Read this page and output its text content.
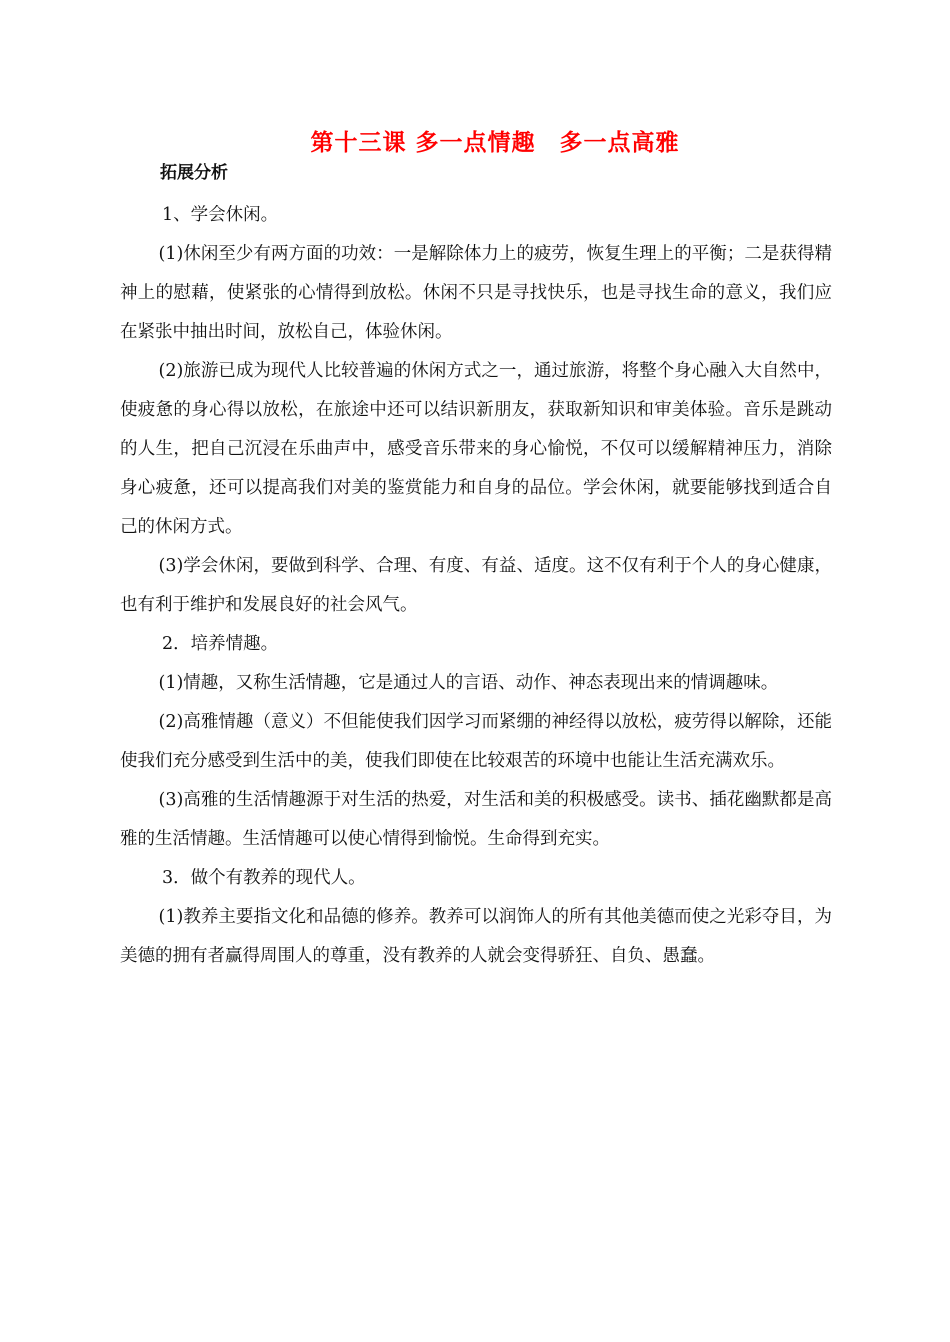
第十三课 多一点情趣　多一点高雅
拓展分析

1、学会休闲。

(1)休闲至少有两方面的功效：一是解除体力上的疲劳，恢复生理上的平衡；二是获得精神上的慰藉，使紧张的心情得到放松。休闲不只是寻找快乐，也是寻找生命的意义，我们应在紧张中抽出时间，放松自己，体验休闲。

(2)旅游已成为现代人比较普遍的休闲方式之一，通过旅游，将整个身心融入大自然中，使疲惫的身心得以放松，在旅途中还可以结识新朋友，获取新知识和审美体验。音乐是跳动的人生，把自己沉浸在乐曲声中，感受音乐带来的身心愉悦，不仅可以缓解精神压力，消除身心疲惫，还可以提高我们对美的鉴赏能力和自身的品位。学会休闲，就要能够找到适合自己的休闲方式。

(3)学会休闲，要做到科学、合理、有度、有益、适度。这不仅有利于个人的身心健康，也有利于维护和发展良好的社会风气。

2．培养情趣。

(1)情趣，又称生活情趣，它是通过人的言语、动作、神态表现出来的情调趣味。

(2)高雅情趣（意义）不但能使我们因学习而紧绷的神经得以放松，疲劳得以解除，还能使我们充分感受到生活中的美，使我们即使在比较艰苦的环境中也能让生活充满欢乐。

(3)高雅的生活情趣源于对生活的热爱，对生活和美的积极感受。读书、插花幽默都是高雅的生活情趣。生活情趣可以使心情得到愉悦。生命得到充实。

3．做个有教养的现代人。

(1)教养主要指文化和品德的修养。教养可以润饰人的所有其他美德而使之光彩夺目，为美德的拥有者赢得周围人的尊重，没有教养的人就会变得骄狂、自负、愚蠢。
